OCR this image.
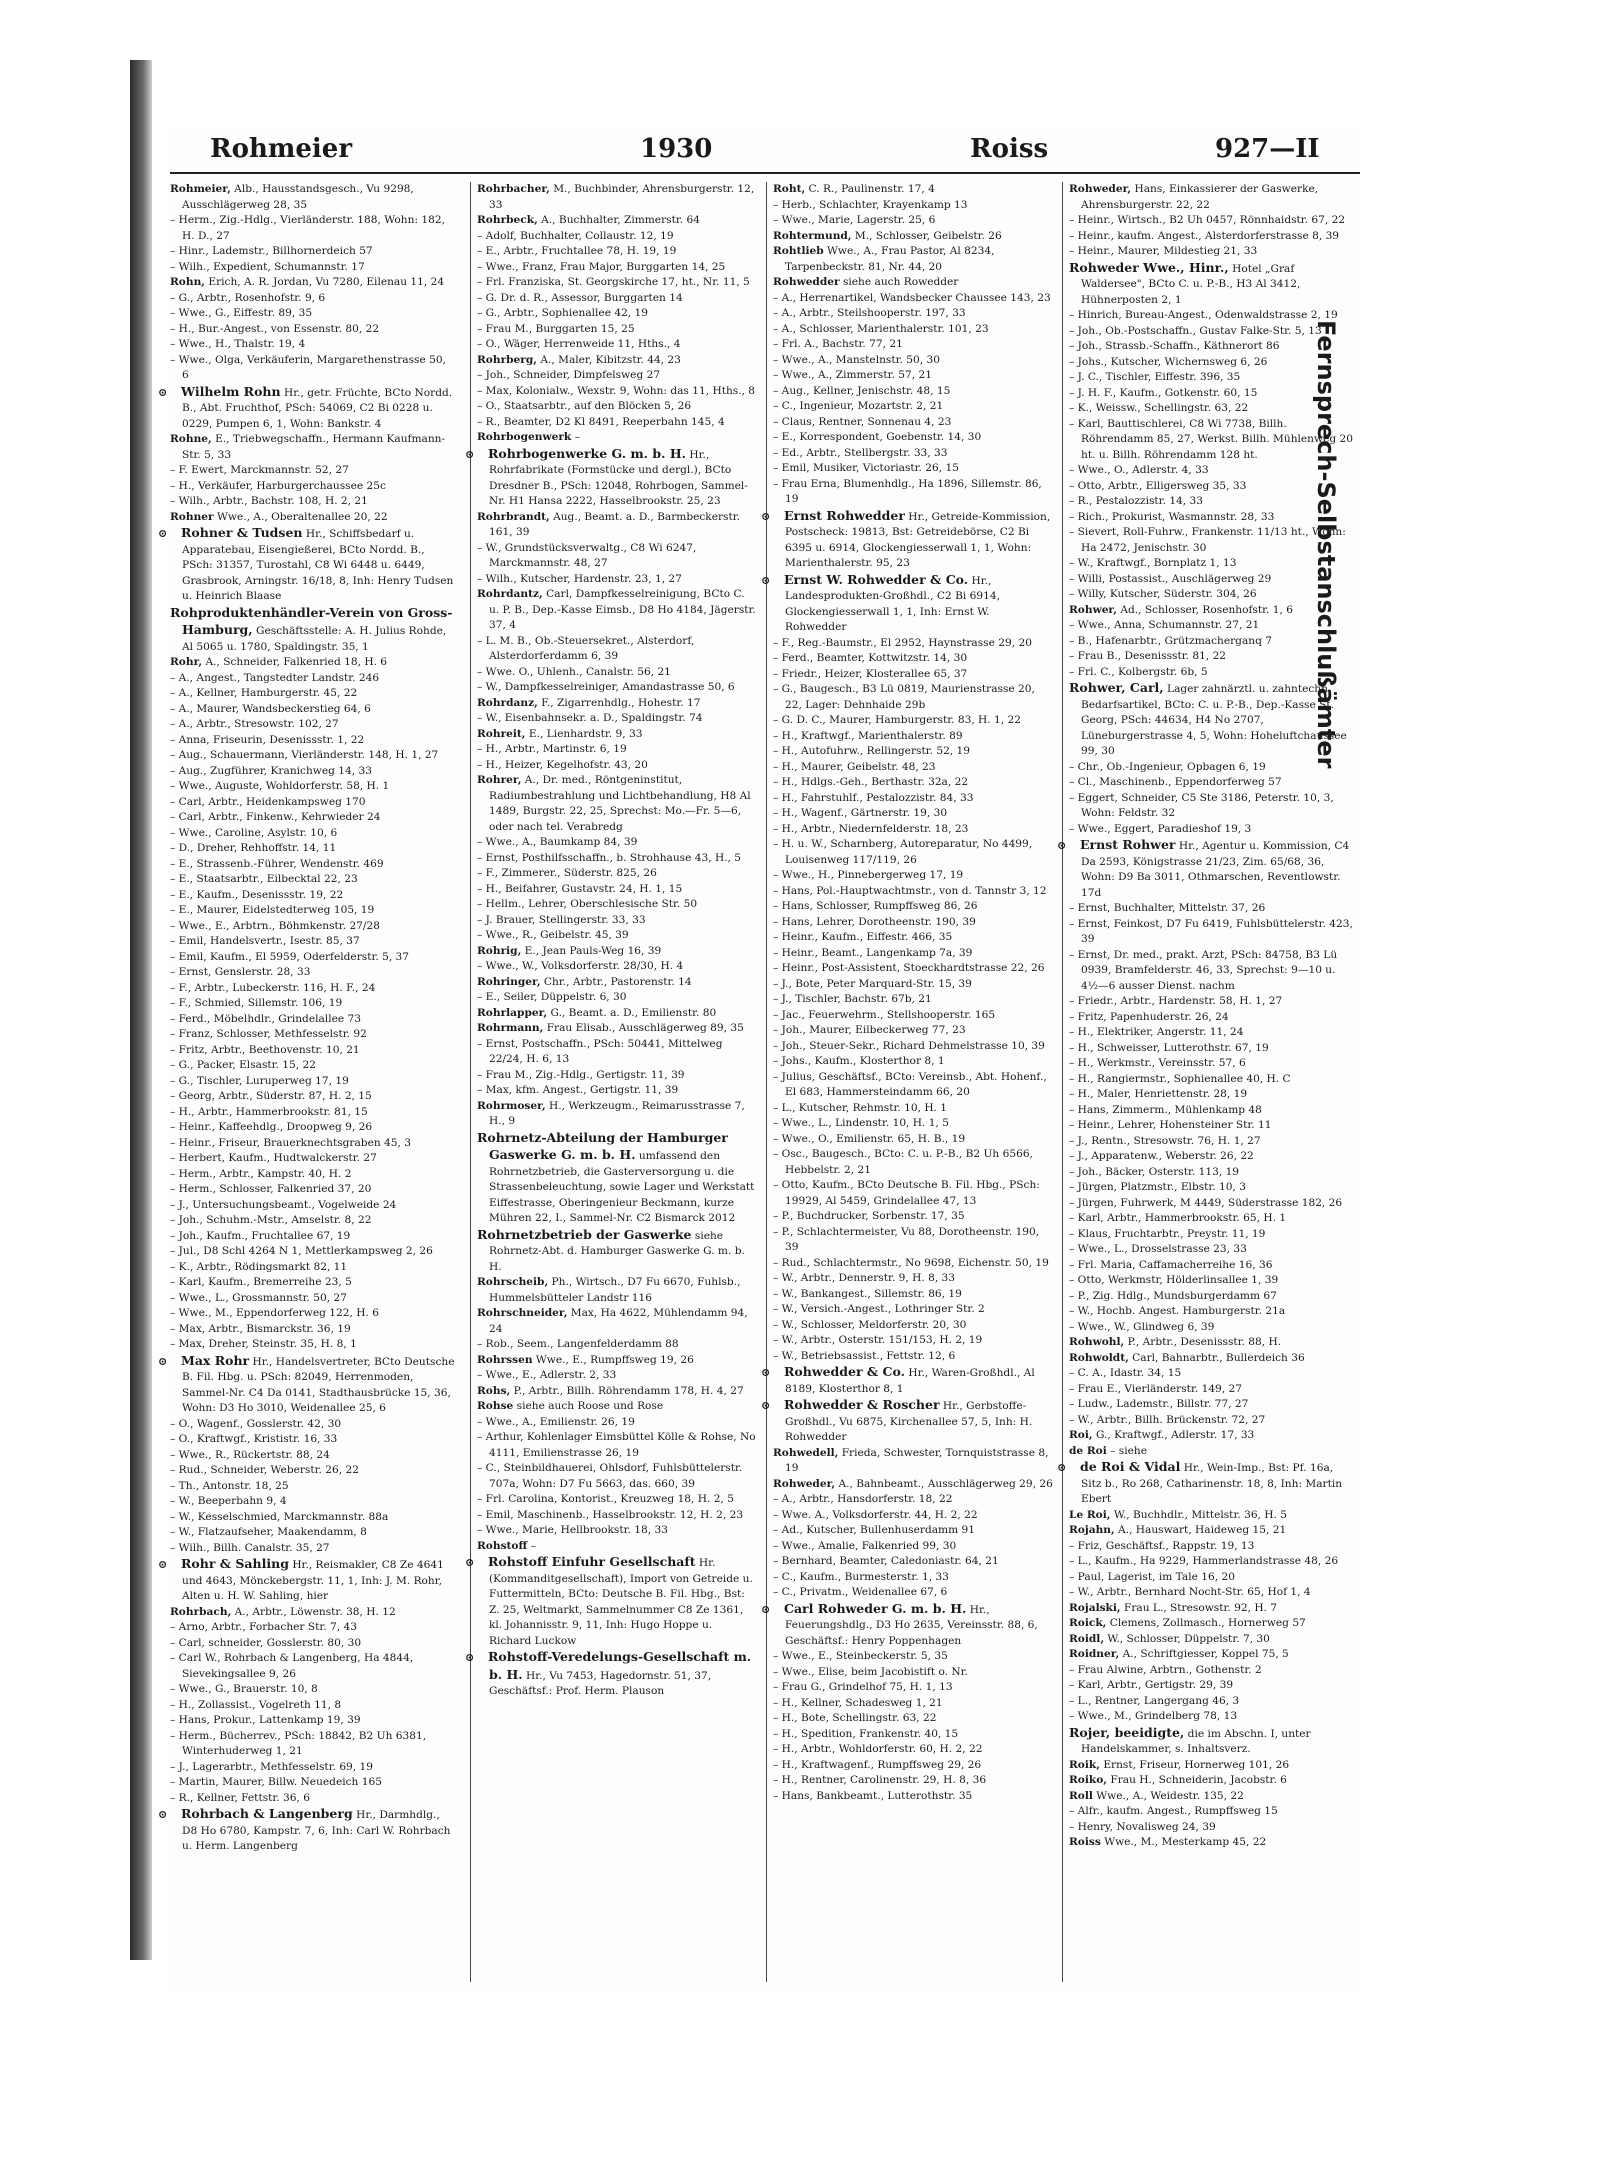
Rohmeier	1930	Roiss	927—II

Rohmeier, Alb., Hausstandsgesch., Vu 9298, Ausschlägerweg 28, 35

– Herm., Zig.-Hdlg., Vierländerstr. 188, Wohn: 182, H. D., 27

– Hinr., Lademstr., Billhornerdeich 57

– Wilh., Expedient, Schumannstr. 17

Rohn, Erich, A. R. Jordan, Vu 7280, Eilenau 11, 24

– G., Arbtr., Rosenhofstr. 9, 6

– Wwe., G., Eiffestr. 89, 35

– H., Bur.-Angest., von Essenstr. 80, 22

– Wwe., H., Thalstr. 19, 4

– Wwe., Olga, Verkäuferin, Margarethenstrasse 50, 6

⊙ Wilhelm Rohn Hr., getr. Früchte, BCto Nordd. B., Abt. Fruchthof, PSch: 54069, C2 Bi 0228 u. 0229, Pumpen 6, 1, Wohn: Bankstr. 4

Rohne, E., Triebwegschaffn., Hermann Kaufmann-Str. 5, 33

– F. Ewert, Marckmannstr. 52, 27

– H., Verkäufer, Harburgerchaussee 25c

– Wilh., Arbtr., Bachstr. 108, H. 2, 21

Rohner Wwe., A., Oberaltenallee 20, 22

⊙ Rohner & Tudsen Hr., Schiffsbedarf u. Apparatebau, Eisengießerei, BCto Nordd. B., PSch: 31357, Turostahl, C8 Wi 6448 u. 6449, Grasbrook, Arningstr. 16/18, 8, Inh: Henry Tudsen u. Heinrich Blaase

Rohproduktenhändler-Verein von Gross-Hamburg, Geschäftsstelle: A. H. Julius Rohde, Al 5065 u. 1780, Spaldingstr. 35, 1

Rohr, A., Schneider, Falkenried 18, H. 6

– A., Angest., Tangstedter Landstr. 246

– A., Kellner, Hamburgerstr. 45, 22

– A., Maurer, Wandsbeckerstieg 64, 6

– A., Arbtr., Stresowstr. 102, 27

– Anna, Friseurin, Desenissstr. 1, 22

– Aug., Schauermann, Vierländerstr. 148, H. 1, 27

– Aug., Zugführer, Kranichweg 14, 33

– Wwe., Auguste, Wohldorferstr. 58, H. 1

– Carl, Arbtr., Heidenkampsweg 170

– Carl, Arbtr., Finkenw., Kehrwieder 24

– Wwe., Caroline, Asylstr. 10, 6

– D., Dreher, Rehhoffstr. 14, 11

– E., Strassenb.-Führer, Wendenstr. 469

– E., Staatsarbtr., Eilbecktal 22, 23

– E., Kaufm., Desenissstr. 19, 22

– E., Maurer, Eidelstedterweg 105, 19

– Wwe., E., Arbtrn., Böhmkenstr. 27/28

– Emil, Handelsvertr., Isestr. 85, 37

– Emil, Kaufm., El 5959, Oderfelderstr. 5, 37

– Ernst, Genslerstr. 28, 33

– F., Arbtr., Lubeckerstr. 116, H. F., 24

– F., Schmied, Sillemstr. 106, 19

– Ferd., Möbelhdlr., Grindelallee 73

– Franz, Schlosser, Methfesselstr. 92

– Fritz, Arbtr., Beethovenstr. 10, 21

– G., Packer, Elsastr. 15, 22

– G., Tischler, Luruperweg 17, 19

– Georg, Arbtr., Süderstr. 87, H. 2, 15

– H., Arbtr., Hammerbrookstr. 81, 15

– Heinr., Kaffeehdlg., Droopweg 9, 26

– Heinr., Friseur, Brauerknechtsgraben 45, 3

– Herbert, Kaufm., Hudtwalckerstr. 27

– Herm., Arbtr., Kampstr. 40, H. 2

– Herm., Schlosser, Falkenried 37, 20

– J., Untersuchungsbeamt., Vogelweide 24

– Joh., Schuhm.-Mstr., Amselstr. 8, 22

– Joh., Kaufm., Fruchtallee 67, 19

– Jul., D8 Schl 4264 N 1, Mettlerkampsweg 2, 26

– K., Arbtr., Rödingsmarkt 82, 11

– Karl, Kaufm., Bremerreihe 23, 5

– Wwe., L., Grossmannstr. 50, 27

– Wwe., M., Eppendorferweg 122, H. 6

– Max, Arbtr., Bismarckstr. 36, 19

– Max, Dreher, Steinstr. 35, H. 8, 1

⊙ Max Rohr Hr., Handelsvertreter, BCto Deutsche B. Fil. Hbg. u. PSch: 82049, Herrenmoden, Sammel-Nr. C4 Da 0141, Stadthausbrücke 15, 36, Wohn: D3 Ho 3010, Weidenallee 25, 6

– O., Wagenf., Gosslerstr. 42, 30

– O., Kraftwgf., Krististr. 16, 33

– Wwe., R., Rückertstr. 88, 24

– Rud., Schneider, Weberstr. 26, 22

– Th., Antonstr. 18, 25

– W., Beeperbahn 9, 4

– W., Kesselschmied, Marckmannstr. 88a

– W., Flatzaufseher, Maakendamm, 8

– Wilh., Billh. Canalstr. 35, 27

⊙ Rohr & Sahling Hr., Reismakler, C8 Ze 4641 und 4643, Mönckebergstr. 11, 1, Inh: J. M. Rohr, Alten u. H. W. Sahling, hier

Rohrbach, A., Arbtr., Löwenstr. 38, H. 12

– Arno, Arbtr., Forbacher Str. 7, 43

– Carl, schneider, Gosslerstr. 80, 30

– Carl W., Rohrbach & Langenberg, Ha 4844, Sievekingsallee 9, 26

– Wwe., G., Brauerstr. 10, 8

– H., Zollassist., Vogelreth 11, 8

– Hans, Prokur., Lattenkamp 19, 39

– Herm., Bücherrev., PSch: 18842, B2 Uh 6381, Winterhuderweg 1, 21

– J., Lagerarbtr., Methfesselstr. 69, 19

– Martin, Maurer, Billw. Neuedeich 165

– R., Kellner, Fettstr. 36, 6

⊙ Rohrbach & Langenberg Hr., Darmhdlg., D8 Ho 6780, Kampstr. 7, 6, Inh: Carl W. Rohrbach u. Herm. Langenberg

Rohrbacher, M., Buchbinder, Ahrensburgerstr. 12, 33

Rohrbeck, A., Buchhalter, Zimmerstr. 64

– Adolf, Buchhalter, Collaustr. 12, 19

– E., Arbtr., Fruchtallee 78, H. 19, 19

– Wwe., Franz, Frau Major, Burggarten 14, 25

– Frl. Franziska, St. Georgskirche 17, ht., Nr. 11, 5

– G. Dr. d. R., Assessor, Burggarten 14

– G., Arbtr., Sophienallee 42, 19

– Frau M., Burggarten 15, 25

– O., Wäger, Herrenweide 11, Hths., 4

Rohrberg, A., Maler, Kibitzstr. 44, 23

– Joh., Schneider, Dimpfelsweg 27

– Max, Kolonialw., Wexstr. 9, Wohn: das 11, Hths., 8

– O., Staatsarbtr., auf den Blöcken 5, 26

– R., Beamter, D2 Kl 8491, Reeperbahn 145, 4

Rohrbogenwerk –

⊙ Rohrbogenwerke G. m. b. H. Hr., Rohrfabrikate (Formstücke und dergl.), BCto Dresdner B., PSch: 12048, Rohrbogen, Sammel-Nr. H1 Hansa 2222, Hasselbrookstr. 25, 23

Rohrbrandt, Aug., Beamt. a. D., Barmbeckerstr. 161, 39

– W., Grundstücksverwaltg., C8 Wi 6247, Marckmannstr. 48, 27

– Wilh., Kutscher, Hardenstr. 23, 1, 27

Rohrdantz, Carl, Dampfkesselreinigung, BCto C. u. P. B., Dep.-Kasse Eimsb., D8 Ho 4184, Jägerstr. 37, 4

– L. M. B., Ob.-Steuersekret., Alsterdorf, Alsterdorferdamm 6, 39

– Wwe. O., Uhlenh., Canalstr. 56, 21

– W., Dampfkesselreiniger, Amandastrasse 50, 6

Rohrdanz, F., Zigarrenhdlg., Hohestr. 17

– W., Eisenbahnsekr. a. D., Spaldingstr. 74

Rohreit, E., Lienhardstr. 9, 33

– H., Arbtr., Martinstr. 6, 19

– H., Heizer, Kegelhofstr. 43, 20

Rohrer, A., Dr. med., Röntgeninstitut, Radiumbestrahlung und Lichtbehandlung, H8 Al 1489, Burgstr. 22, 25, Sprechst: Mo.—Fr. 5—6, oder nach tel. Verabredg

– Wwe., A., Baumkamp 84, 39

– Ernst, Posthilfsschaffn., b. Strohhause 43, H., 5

– F., Zimmerer., Süderstr. 825, 26

– H., Beifahrer, Gustavstr. 24, H. 1, 15

– Hellm., Lehrer, Oberschlesische Str. 50

– J. Brauer, Stellingerstr. 33, 33

– Wwe., R., Geibelstr. 45, 39

Rohrig, E., Jean Pauls-Weg 16, 39

– Wwe., W., Volksdorferstr. 28/30, H. 4

Rohringer, Chr., Arbtr., Pastorenstr. 14

– E., Seiler, Düppelstr. 6, 30

Rohrlapper, G., Beamt. a. D., Emilienstr. 80

Rohrmann, Frau Elisab., Ausschlägerweg 89, 35

– Ernst, Postschaffn., PSch: 50441, Mittelweg 22/24, H. 6, 13

– Frau M., Zig.-Hdlg., Gertigstr. 11, 39

– Max, kfm. Angest., Gertigstr. 11, 39

Rohrmoser, H., Werkzeugm., Reimarusstrasse 7, H., 9

Rohrnetz-Abteilung der Hamburger Gaswerke G. m. b. H. umfassend den Rohrnetzbetrieb, die Gasterversorgung u. die Strassenbeleuchtung, sowie Lager und Werkstatt Eiffestrasse, Oberingenieur Beckmann, kurze Mühren 22, I., Sammel-Nr. C2 Bismarck 2012

Rohrnetzbetrieb der Gaswerke siehe Rohrnetz-Abt. d. Hamburger Gaswerke G. m. b. H.

Rohrscheib, Ph., Wirtsch., D7 Fu 6670, Fuhlsb., Hummelsbütteler Landstr 116

Rohrschneider, Max, Ha 4622, Mühlendamm 94, 24

– Rob., Seem., Langenfelderdamm 88

Rohrssen Wwe., E., Rumpffsweg 19, 26

– Wwe., E., Adlerstr. 2, 33

Rohs, P., Arbtr., Billh. Röhrendamm 178, H. 4, 27

Rohse siehe auch Roose und Rose

– Wwe., A., Emilienstr. 26, 19

– Arthur, Kohlenlager Eimsbüttel Kölle & Rohse, No 4111, Emilienstrasse 26, 19

– C., Steinbildhauerei, Ohlsdorf, Fuhlsbüttelerstr. 707a, Wohn: D7 Fu 5663, das. 660, 39

– Frl. Carolina, Kontorist., Kreuzweg 18, H. 2, 5

– Emil, Maschinenb., Hasselbrookstr. 12, H. 2, 23

– Wwe., Marie, Hellbrookstr. 18, 33

Rohstoff –

⊙ Rohstoff Einfuhr Gesellschaft Hr. (Kommanditgesellschaft), Import von Getreide u. Futtermitteln, BCto: Deutsche B. Fil. Hbg., Bst: Z. 25, Weltmarkt, Sammelnummer C8 Ze 1361, kl. Johannisstr. 9, 11, Inh: Hugo Hoppe u. Richard Luckow

⊙ Rohstoff-Veredelungs-Gesellschaft m. b. H. Hr., Vu 7453, Hagedornstr. 51, 37, Geschäftsf.: Prof. Herm. Plauson

Roht, C. R., Paulinenstr. 17, 4

– Herb., Schlachter, Krayenkamp 13

– Wwe., Marie, Lagerstr. 25, 6

Rohtermund, M., Schlosser, Geibelstr. 26

Rohtlieb Wwe., A., Frau Pastor, Al 8234, Tarpenbeckstr. 81, Nr. 44, 20

Rohwedder siehe auch Rowedder

– A., Herrenartikel, Wandsbecker Chaussee 143, 23

– A., Arbtr., Steilshooperstr. 197, 33

– A., Schlosser, Marienthalerstr. 101, 23

– Frl. A., Bachstr. 77, 21

– Wwe., A., Manstelnstr. 50, 30

– Wwe., A., Zimmerstr. 57, 21

– Aug., Kellner, Jenischstr. 48, 15

– C., Ingenieur, Mozartstr. 2, 21

– Claus, Rentner, Sonnenau 4, 23

– E., Korrespondent, Goebenstr. 14, 30

– Ed., Arbtr., Stellbergstr. 33, 33

– Emil, Musiker, Victoriastr. 26, 15

– Frau Erna, Blumenhdlg., Ha 1896, Sillemstr. 86, 19

⊙ Ernst Rohwedder Hr., Getreide-Kommission, Postscheck: 19813, Bst: Getreidebörse, C2 Bi 6395 u. 6914, Glockengiesserwall 1, 1, Wohn: Marienthalerstr. 95, 23

⊙ Ernst W. Rohwedder & Co. Hr., Landesprodukten-Großhdl., C2 Bi 6914, Glockengiesserwall 1, 1, Inh: Ernst W. Rohwedder

– F., Reg.-Baumstr., El 2952, Haynstrasse 29, 20

– Ferd., Beamter, Kottwitzstr. 14, 30

– Friedr., Heizer, Klosterallee 65, 37

– G., Baugesch., B3 Lü 0819, Maurienstrasse 20, 22, Lager: Dehnhaide 29b

– G. D. C., Maurer, Hamburgerstr. 83, H. 1, 22

– H., Kraftwgf., Marienthalerstr. 89

– H., Autofuhrw., Rellingerstr. 52, 19

– H., Maurer, Geibelstr. 48, 23

– H., Hdlgs.-Geh., Berthastr. 32a, 22

– H., Fahrstuhlf., Pestalozzistr. 84, 33

– H., Wagenf., Gärtnerstr. 19, 30

– H., Arbtr., Niedernfelderstr. 18, 23

– H. u. W., Scharnberg, Autoreparatur, No 4499, Louisenweg 117/119, 26

– Wwe., H., Pinnebergerweg 17, 19

– Hans, Pol.-Hauptwachtmstr., von d. Tannstr 3, 12

– Hans, Schlosser, Rumpffsweg 86, 26

– Hans, Lehrer, Dorotheenstr. 190, 39

– Heinr., Kaufm., Eiffestr. 466, 35

– Heinr., Beamt., Langenkamp 7a, 39

– Heinr., Post-Assistent, Stoeckhardtstrasse 22, 26

– J., Bote, Peter Marquard-Str. 15, 39

– J., Tischler, Bachstr. 67b, 21

– Jac., Feuerwehrm., Stellshooperstr. 165

– Joh., Maurer, Eilbeckerweg 77, 23

– Joh., Steuer-Sekr., Richard Dehmelstrasse 10, 39

– Johs., Kaufm., Klosterthor 8, 1

– Julius, Geschäftsf., BCto: Vereinsb., Abt. Hohenf., El 683, Hammersteindamm 66, 20

– L., Kutscher, Rehmstr. 10, H. 1

– Wwe., L., Lindenstr. 10, H. 1, 5

– Wwe., O., Emilienstr. 65, H. B., 19

– Osc., Baugesch., BCto: C. u. P.-B., B2 Uh 6566, Hebbelstr. 2, 21

– Otto, Kaufm., BCto Deutsche B. Fil. Hbg., PSch: 19929, Al 5459, Grindelallee 47, 13

– P., Buchdrucker, Sorbenstr. 17, 35

– P., Schlachtermeister, Vu 88, Dorotheenstr. 190, 39

– Rud., Schlachtermstr., No 9698, Eichenstr. 50, 19

– W., Arbtr., Dennerstr. 9, H. 8, 33

– W., Bankangest., Sillemstr. 86, 19

– W., Versich.-Angest., Lothringer Str. 2

– W., Schlosser, Meldorferstr. 20, 30

– W., Arbtr., Osterstr. 151/153, H. 2, 19

– W., Betriebsassist., Fettstr. 12, 6

⊙ Rohwedder & Co. Hr., Waren-Großhdl., Al 8189, Klosterthor 8, 1

⊙ Rohwedder & Roscher Hr., Gerbstoffe-Großhdl., Vu 6875, Kirchenallee 57, 5, Inh: H. Rohwedder

Rohwedell, Frieda, Schwester, Tornquiststrasse 8, 19

Rohweder, A., Bahnbeamt., Ausschlägerweg 29, 26

– A., Arbtr., Hansdorferstr. 18, 22

– Wwe. A., Volksdorferstr. 44, H. 2, 22

– Ad., Kutscher, Bullenhuserdamm 91

– Wwe., Amalie, Falkenried 99, 30

– Bernhard, Beamter, Caledoniastr. 64, 21

– C., Kaufm., Burmesterstr. 1, 33

– C., Privatm., Weidenallee 67, 6

⊙ Carl Rohweder G. m. b. H. Hr., Feuerungshdlg., D3 Ho 2635, Vereinsstr. 88, 6, Geschäftsf.: Henry Poppenhagen

– Wwe., E., Steinbeckerstr. 5, 35

– Wwe., Elise, beim Jacobistift o. Nr.

– Frau G., Grindelhof 75, H. 1, 13

– H., Kellner, Schadesweg 1, 21

– H., Bote, Schellingstr. 63, 22

– H., Spedition, Frankenstr. 40, 15

– H., Arbtr., Wohldorferstr. 60, H. 2, 22

– H., Kraftwagenf., Rumpffsweg 29, 26

– H., Rentner, Carolinenstr. 29, H. 8, 36

– Hans, Bankbeamt., Lutterothstr. 35

Rohweder, Hans, Einkassierer der Gaswerke, Ahrensburgerstr. 22, 22

– Heinr., Wirtsch., B2 Uh 0457, Rönnhaidstr. 67, 22

– Heinr., kaufm. Angest., Alsterdorferstrasse 8, 39

– Heinr., Maurer, Mildestieg 21, 33

Rohweder Wwe., Hinr., Hotel „Graf Waldersee", BCto C. u. P.-B., H3 Al 3412, Hühnerposten 2, 1

– Hinrich, Bureau-Angest., Odenwaldstrasse 2, 19

– Joh., Ob.-Postschaffn., Gustav Falke-Str. 5, 13

– Joh., Strassb.-Schaffn., Käthnerort 86

– Johs., Kutscher, Wichernsweg 6, 26

– J. C., Tischler, Eiffestr. 396, 35

– J. H. F., Kaufm., Gotkenstr. 60, 15

– K., Weissw., Schellingstr. 63, 22

– Karl, Bauttischlerei, C8 Wi 7738, Billh. Röhrendamm 85, 27, Werkst. Billh. Mühlenweg 20 ht. u. Billh. Röhrendamm 128 ht.

– Wwe., O., Adlerstr. 4, 33

– Otto, Arbtr., Elligersweg 35, 33

– R., Pestalozzistr. 14, 33

– Rich., Prokurist, Wasmannstr. 28, 33

– Sievert, Roll-Fuhrw., Frankenstr. 11/13 ht., Wohn: Ha 2472, Jenischstr. 30

– W., Kraftwgf., Bornplatz 1, 13

– Willi, Postassist., Auschlägerweg 29

– Willy, Kutscher, Süderstr. 304, 26

Rohwer, Ad., Schlosser, Rosenhofstr. 1, 6

– Wwe., Anna, Schumannstr. 27, 21

– B., Hafenarbtr., Grützmacherganq 7

– Frau B., Desenissstr. 81, 22

– Frl. C., Kolbergstr. 6b, 5

Rohwer, Carl, Lager zahnärztl. u. zahntechn. Bedarfsartikel, BCto: C. u. P.-B., Dep.-Kasse St. Georg, PSch: 44634, H4 No 2707, Lüneburgerstrasse 4, 5, Wohn: Hoheluftchaussee 99, 30

– Chr., Ob.-Ingenieur, Opbagen 6, 19

– Cl., Maschinenb., Eppendorferweg 57

– Eggert, Schneider, C5 Ste 3186, Peterstr. 10, 3, Wohn: Feldstr. 32

– Wwe., Eggert, Paradieshof 19, 3

⊙ Ernst Rohwer Hr., Agentur u. Kommission, C4 Da 2593, Königstrasse 21/23, Zim. 65/68, 36, Wohn: D9 Ba 3011, Othmarschen, Reventlowstr. 17d

– Ernst, Buchhalter, Mittelstr. 37, 26

– Ernst, Feinkost, D7 Fu 6419, Fuhlsbüttelerstr. 423, 39

– Ernst, Dr. med., prakt. Arzt, PSch: 84758, B3 Lü 0939, Bramfelderstr. 46, 33, Sprechst: 9—10 u. 4½—6 ausser Dienst. nachm

– Friedr., Arbtr., Hardenstr. 58, H. 1, 27

– Fritz, Papenhuderstr. 26, 24

– H., Elektriker, Angerstr. 11, 24

– H., Schweisser, Lutterothstr. 67, 19

– H., Werkmstr., Vereinsstr. 57, 6

– H., Rangiermstr., Sophienallee 40, H. C

– H., Maler, Henriettenstr. 28, 19

– Hans, Zimmerm., Mühlenkamp 48

– Heinr., Lehrer, Hohensteiner Str. 11

– J., Rentn., Stresowstr. 76, H. 1, 27

– J., Apparatenw., Weberstr. 26, 22

– Joh., Bäcker, Osterstr. 113, 19

– Jürgen, Platzmstr., Elbstr. 10, 3

– Jürgen, Fuhrwerk, M 4449, Süderstrasse 182, 26

– Karl, Arbtr., Hammerbrookstr. 65, H. 1

– Klaus, Fruchtarbtr., Preystr. 11, 19

– Wwe., L., Drosselstrasse 23, 33

– Frl. Maria, Caffamacherreihe 16, 36

– Otto, Werkmstr, Hölderlinsallee 1, 39

– P., Zig. Hdlg., Mundsburgerdamm 67

– W., Hochb. Angest. Hamburgerstr. 21a

– Wwe., W., Glindweg 6, 39

Rohwohl, P., Arbtr., Desenissstr. 88, H.

Rohwoldt, Carl, Bahnarbtr., Bullerdeich 36

– C. A., Idastr. 34, 15

– Frau E., Vierländerstr. 149, 27

– Ludw., Lademstr., Billstr. 77, 27

– W., Arbtr., Billh. Brückenstr. 72, 27

Roi, G., Kraftwgf., Adlerstr. 17, 33

de Roi – siehe

⊙ de Roi & Vidal Hr., Wein-Imp., Bst: Pf. 16a, Sitz b., Ro 268, Catharinenstr. 18, 8, Inh: Martin Ebert

Le Roi, W., Buchhdlr., Mittelstr. 36, H. 5

Rojahn, A., Hauswart, Haideweg 15, 21

– Friz, Geschäftsf., Rappstr. 19, 13

– L., Kaufm., Ha 9229, Hammerlandstrasse 48, 26

– Paul, Lagerist, im Tale 16, 20

– W., Arbtr., Bernhard Nocht-Str. 65, Hof 1, 4

Rojalski, Frau L., Stresowstr. 92, H. 7

Roick, Clemens, Zollmasch., Hornerweg 57

Roidl, W., Schlosser, Düppelstr. 7, 30

Roidner, A., Schriftgiesser, Koppel 75, 5

– Frau Alwine, Arbtrn., Gothenstr. 2

– Karl, Arbtr., Gertigstr. 29, 39

– L., Rentner, Langergang 46, 3

– Wwe., M., Grindelberg 78, 13

Rojer, beeidigte, die im Abschn. I, unter Handelskammer, s. Inhaltsverz.

Roik, Ernst, Friseur, Hornerweg 101, 26

Roiko, Frau H., Schneiderin, Jacobstr. 6

Roll Wwe., A., Weidestr. 135, 22

– Alfr., kaufm. Angest., Rumpffsweg 15

– Henry, Novalisweg 24, 39

Roiss Wwe., M., Mesterkamp 45, 22

Fernsprech-Selbstanschlußämter
